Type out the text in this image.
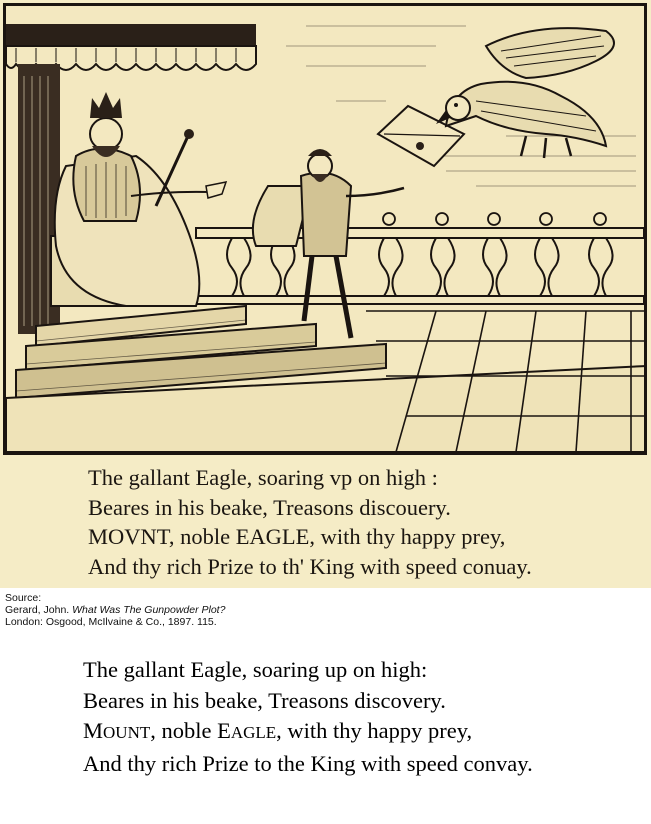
The gallant Eagle, soaring vp on high :
Beares in his beake, Treasons discouery.
MOVNT, noble EAGLE, with thy happy prey,
And thy rich Prize to th' King with speed conuay.
Source:
Gerard, John. What Was The Gunpowder Plot?
London: Osgood, McIlvaine & Co., 1897. 115.
The gallant Eagle, soaring up on high:
Beares in his beake, Treasons discovery.
MOUNT, noble EAGLE, with thy happy prey,
And thy rich Prize to the King with speed convay.
